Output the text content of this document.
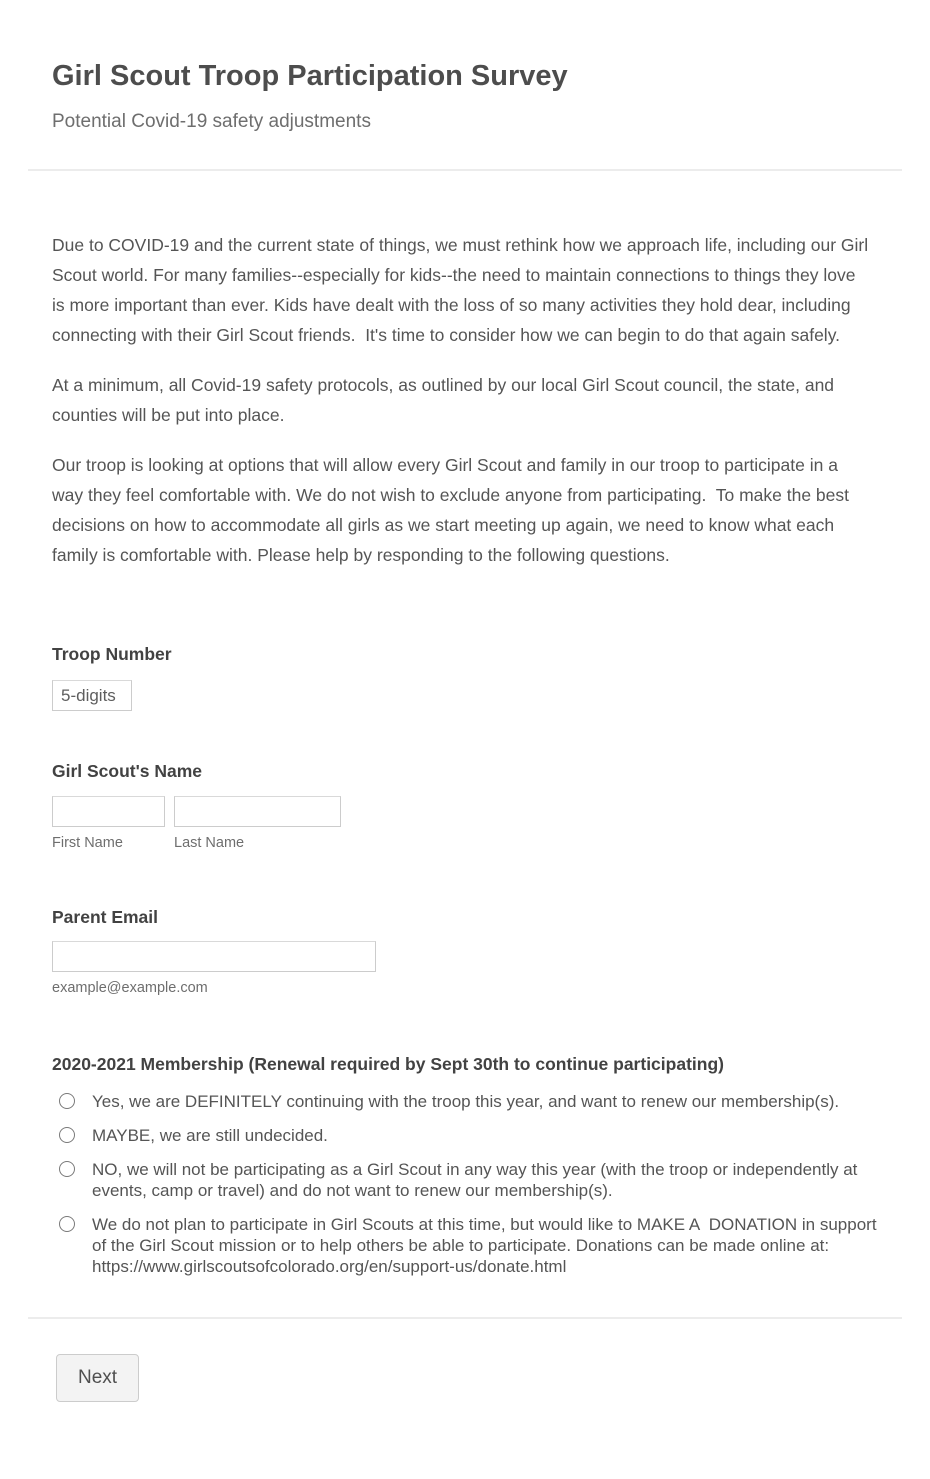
Girl Scout Troop Participation Survey
Potential Covid-19 safety adjustments

Due to COVID-19 and the current state of things, we must rethink how we approach life, including our Girl Scout world. For many families--especially for kids--the need to maintain connections to things they love is more important than ever. Kids have dealt with the loss of so many activities they hold dear, including connecting with their Girl Scout friends.  It's time to consider how we can begin to do that again safely.

At a minimum, all Covid-19 safety protocols, as outlined by our local Girl Scout council, the state, and counties will be put into place.

Our troop is looking at options that will allow every Girl Scout and family in our troop to participate in a way they feel comfortable with. We do not wish to exclude anyone from participating.  To make the best decisions on how to accommodate all girls as we start meeting up again, we need to know what each family is comfortable with. Please help by responding to the following questions.

Troop Number
5-digits
Girl Scout's Name
First Name	Last Name
Parent Email
example@example.com
2020-2021 Membership (Renewal required by Sept 30th to continue participating)
Yes, we are DEFINITELY continuing with the troop this year, and want to renew our membership(s).
MAYBE, we are still undecided.
NO, we will not be participating as a Girl Scout in any way this year (with the troop or independently at events, camp or travel) and do not want to renew our membership(s).
We do not plan to participate in Girl Scouts at this time, but would like to MAKE A  DONATION in support of the Girl Scout mission or to help others be able to participate. Donations can be made online at: https://www.girlscoutsofcolorado.org/en/support-us/donate.html
Next
